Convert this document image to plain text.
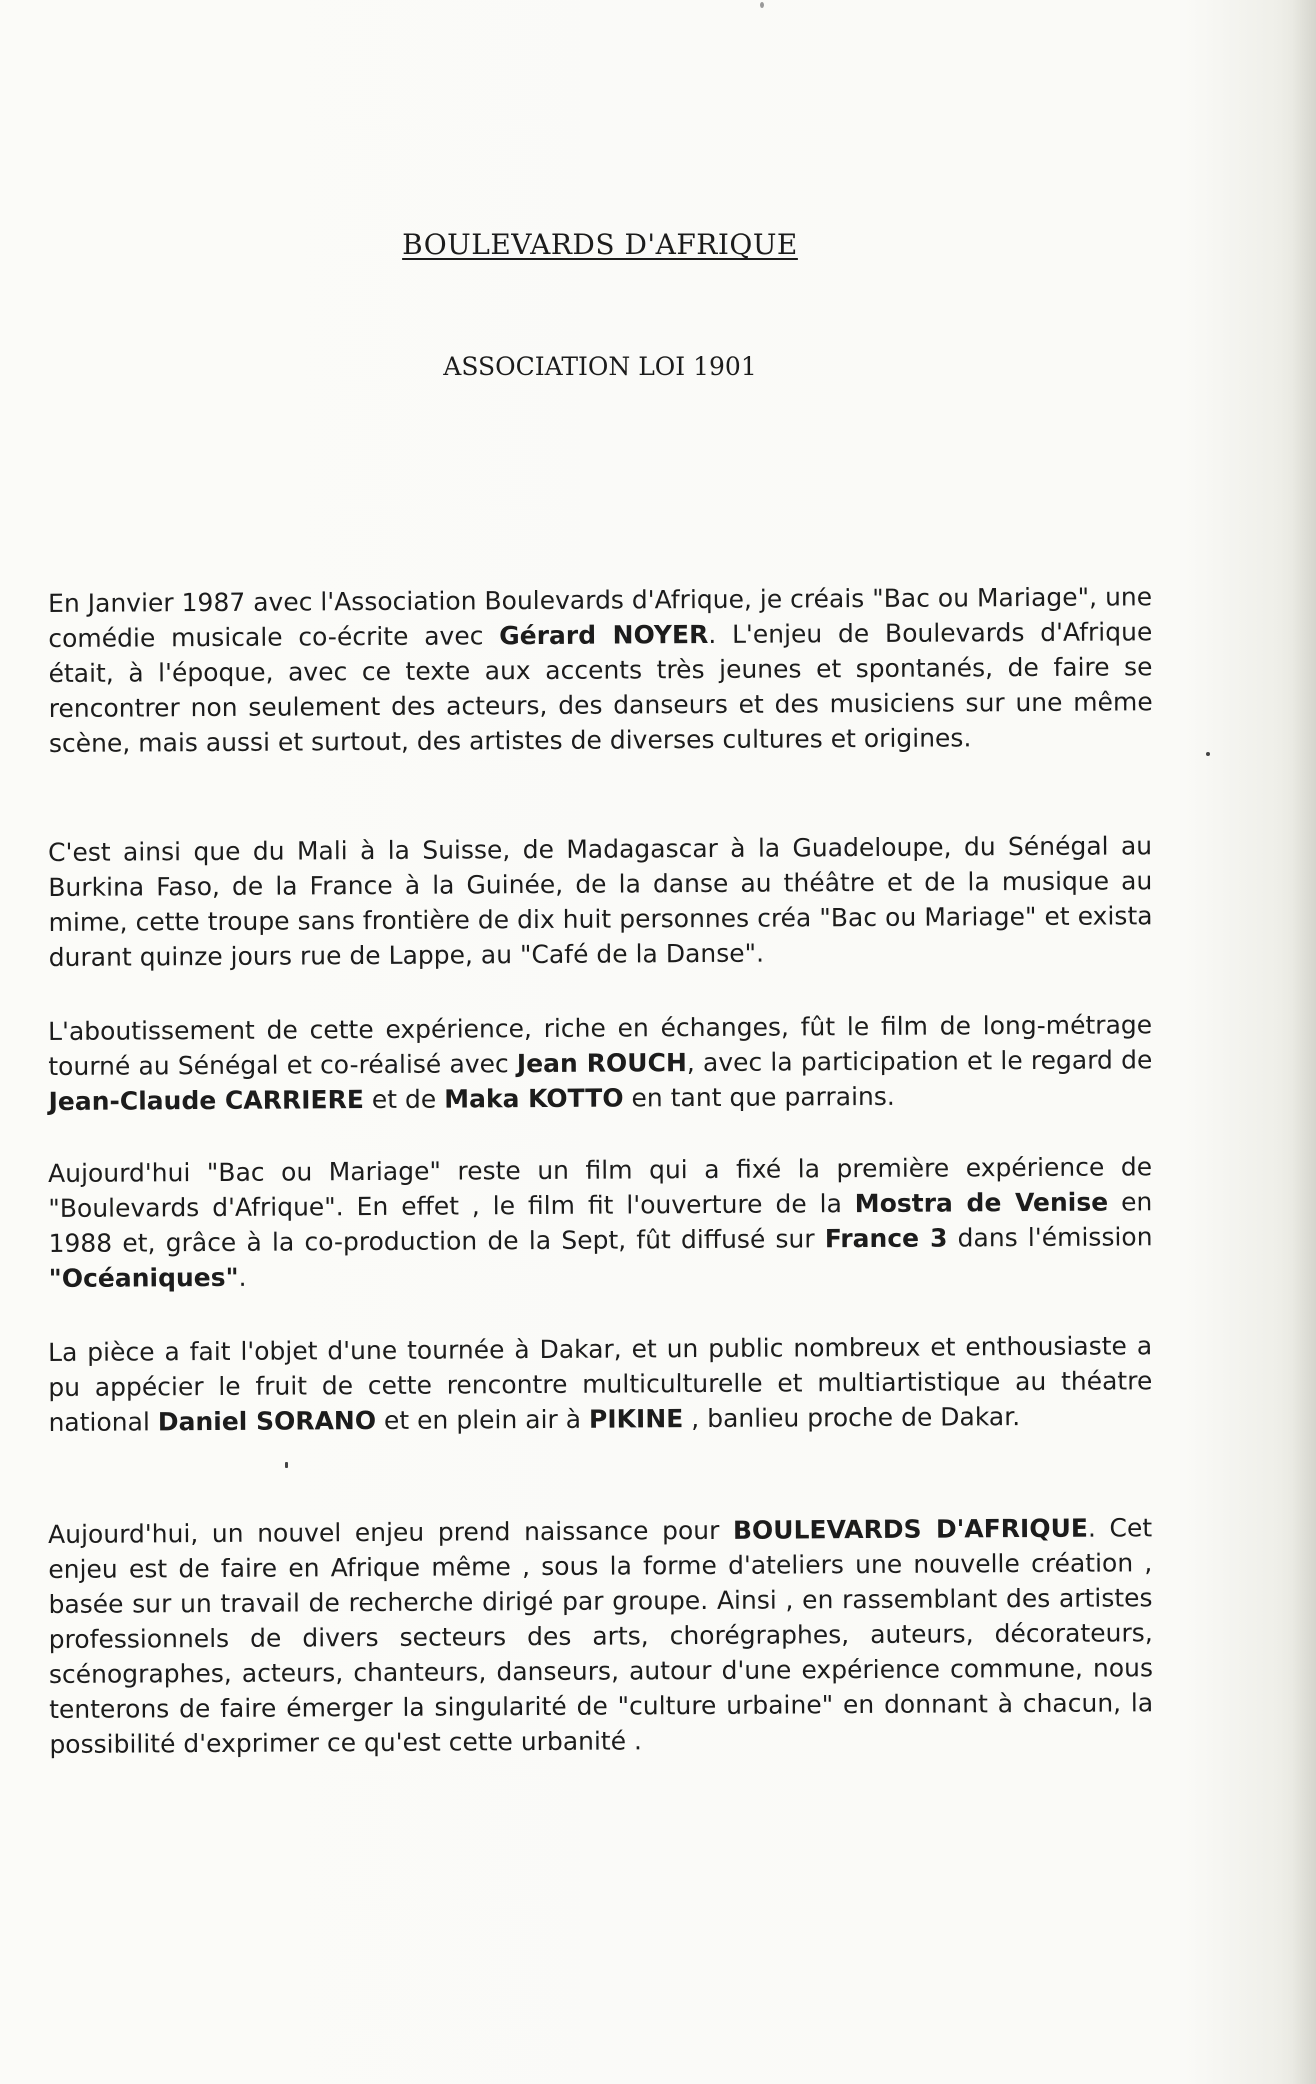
BOULEVARDS D'AFRIQUE

ASSOCIATION LOI 1901

En Janvier 1987 avec l'Association Boulevards d'Afrique, je créais "Bac ou Mariage", une comédie musicale co-écrite avec Gérard NOYER. L'enjeu de Boulevards d'Afrique était, à l'époque, avec ce texte aux accents très jeunes et spontanés, de faire se rencontrer non seulement des acteurs, des danseurs et des musiciens sur une même scène, mais aussi et surtout, des artistes de diverses cultures et origines.

C'est ainsi que du Mali à la Suisse, de Madagascar à la Guadeloupe, du Sénégal au Burkina Faso, de la France à la Guinée, de la danse au théâtre et de la musique au mime, cette troupe sans frontière de dix huit personnes créa "Bac ou Mariage" et exista durant quinze jours rue de Lappe, au "Café de la Danse".

L'aboutissement de cette expérience, riche en échanges, fût le film de long-métrage tourné au Sénégal et co-réalisé avec Jean ROUCH, avec la participation et le regard de Jean-Claude CARRIERE et de Maka KOTTO en tant que parrains.

Aujourd'hui "Bac ou Mariage" reste un film qui a fixé la première expérience de "Boulevards d'Afrique". En effet , le film fit l'ouverture de la Mostra de Venise en 1988 et, grâce à la co-production de la Sept, fût diffusé sur France 3 dans l'émission "Océaniques".

La pièce a fait l'objet d'une tournée à Dakar, et un public nombreux et enthousiaste a pu appécier le fruit de cette rencontre multiculturelle et multiartistique au théatre national Daniel SORANO et en plein air à PIKINE , banlieu proche de Dakar.

Aujourd'hui, un nouvel enjeu prend naissance pour BOULEVARDS D'AFRIQUE. Cet enjeu est de faire en Afrique même , sous la forme d'ateliers une nouvelle création , basée sur un travail de recherche dirigé par groupe. Ainsi , en rassemblant des artistes professionnels de divers secteurs des arts, chorégraphes, auteurs, décorateurs, scénographes, acteurs, chanteurs, danseurs, autour d'une expérience commune, nous tenterons de faire émerger la singularité de "culture urbaine" en donnant à chacun, la possibilité d'exprimer ce qu'est cette urbanité .
